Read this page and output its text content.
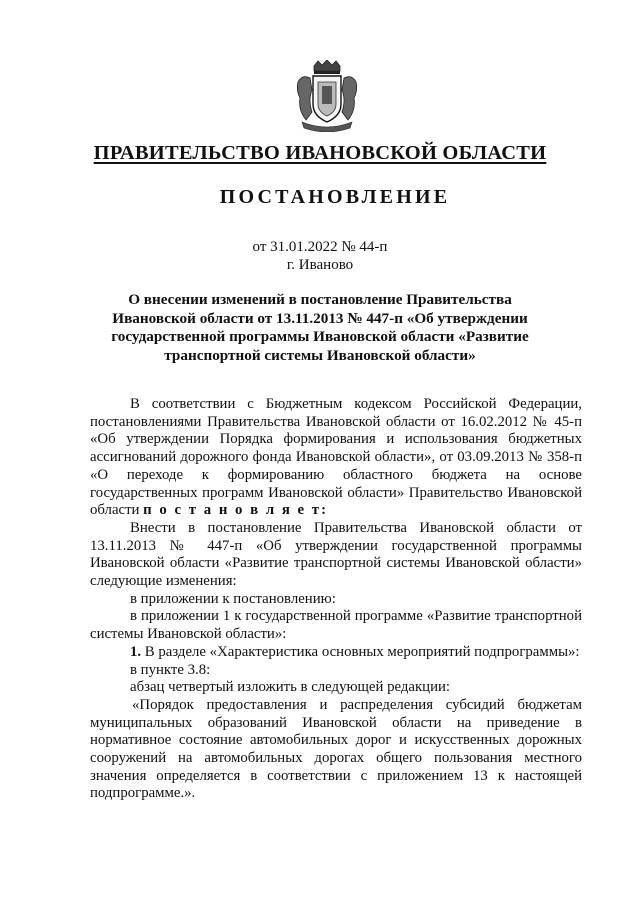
ПРАВИТЕЛЬСТВО ИВАНОВСКОЙ ОБЛАСТИ
ПОСТАНОВЛЕНИЕ
от 31.01.2022 № 44-п
г. Иваново
О внесении изменений в постановление Правительства Ивановской области от 13.11.2013 № 447-п «Об утверждении государственной программы Ивановской области «Развитие транспортной системы Ивановской области»

В соответствии с Бюджетным кодексом Российской Федерации, постановлениями Правительства Ивановской области от 16.02.2012 № 45-п «Об утверждении Порядка формирования и использования бюджетных ассигнований дорожного фонда Ивановской области», от 03.09.2013 № 358-п «О переходе к формированию областного бюджета на основе государственных программ Ивановской области» Правительство Ивановской области п о с т а н о в л я е т:

Внести в постановление Правительства Ивановской области от 13.11.2013 № 447-п «Об утверждении государственной программы Ивановской области «Развитие транспортной системы Ивановской области» следующие изменения:

в приложении к постановлению:

в приложении 1 к государственной программе «Развитие транспортной системы Ивановской области»:

1. В разделе «Характеристика основных мероприятий подпрограммы»:

в пункте 3.8:

абзац четвертый изложить в следующей редакции:

«Порядок предоставления и распределения субсидий бюджетам муниципальных образований Ивановской области на приведение в нормативное состояние автомобильных дорог и искусственных дорожных сооружений на автомобильных дорогах общего пользования местного значения определяется в соответствии с приложением 13 к настоящей подпрограмме.».
